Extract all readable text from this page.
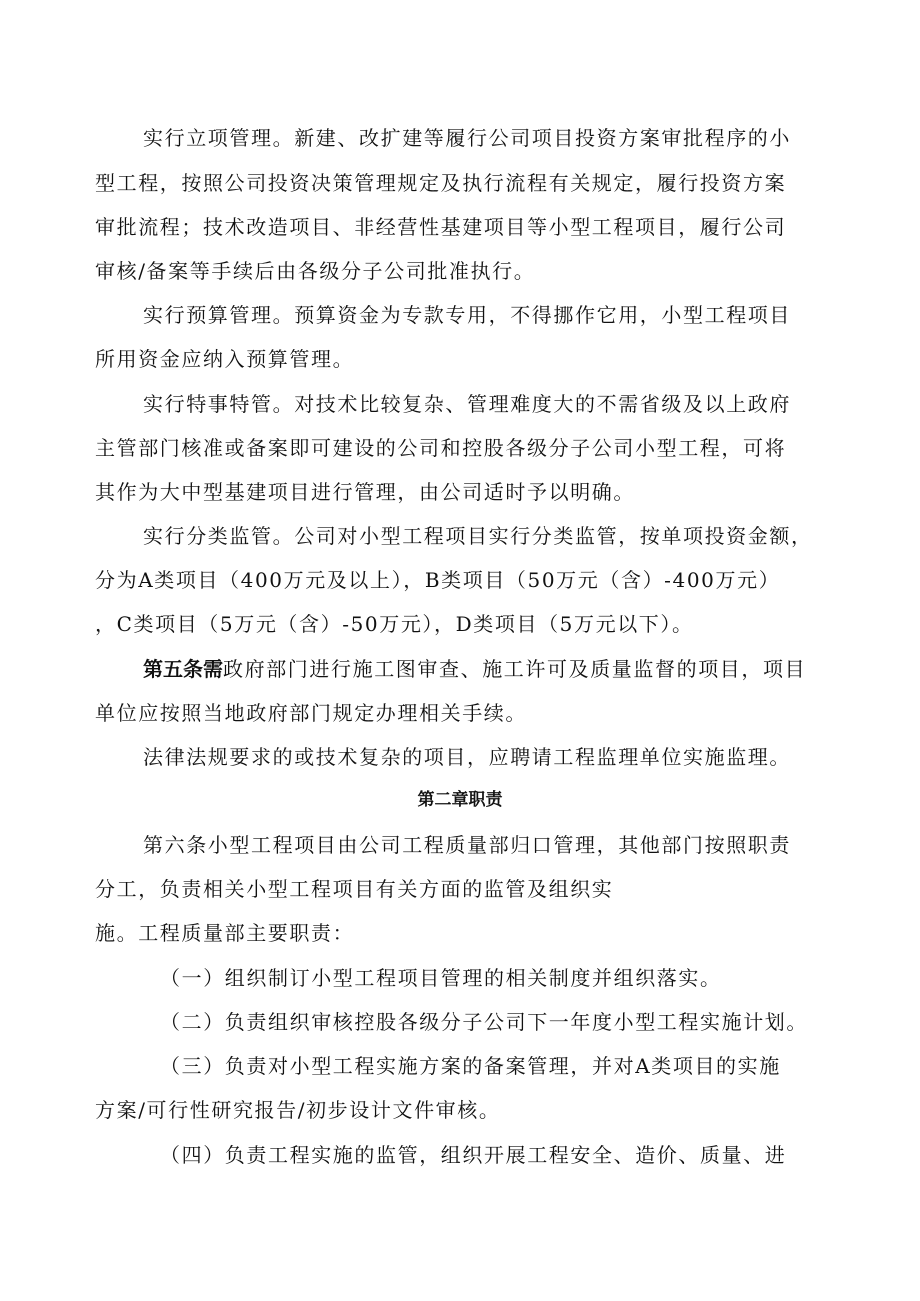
实行立项管理。新建、改扩建等履行公司项目投资方案审批程序的小
型工程，按照公司投资决策管理规定及执行流程有关规定，履行投资方案
审批流程；技术改造项目、非经营性基建项目等小型工程项目，履行公司
审核/备案等手续后由各级分子公司批准执行。
实行预算管理。预算资金为专款专用，不得挪作它用，小型工程项目
所用资金应纳入预算管理。
实行特事特管。对技术比较复杂、管理难度大的不需省级及以上政府
主管部门核准或备案即可建设的公司和控股各级分子公司小型工程，可将
其作为大中型基建项目进行管理，由公司适时予以明确。
实行分类监管。公司对小型工程项目实行分类监管，按单项投资金额，
分为A类项目（400万元及以上），B类项目（50万元（含）-400万元）
，C类项目（5万元（含）-50万元），D类项目（5万元以下）。
第五条需政府部门进行施工图审查、施工许可及质量监督的项目，项目
单位应按照当地政府部门规定办理相关手续。
法律法规要求的或技术复杂的项目，应聘请工程监理单位实施监理。
第二章职责
第六条小型工程项目由公司工程质量部归口管理，其他部门按照职责
分工，负责相关小型工程项目有关方面的监管及组织实
施。工程质量部主要职责：
（一）组织制订小型工程项目管理的相关制度并组织落实。
（二）负责组织审核控股各级分子公司下一年度小型工程实施计划。
（三）负责对小型工程实施方案的备案管理，并对A类项目的实施
方案/可行性研究报告/初步设计文件审核。
（四）负责工程实施的监管，组织开展工程安全、造价、质量、进
